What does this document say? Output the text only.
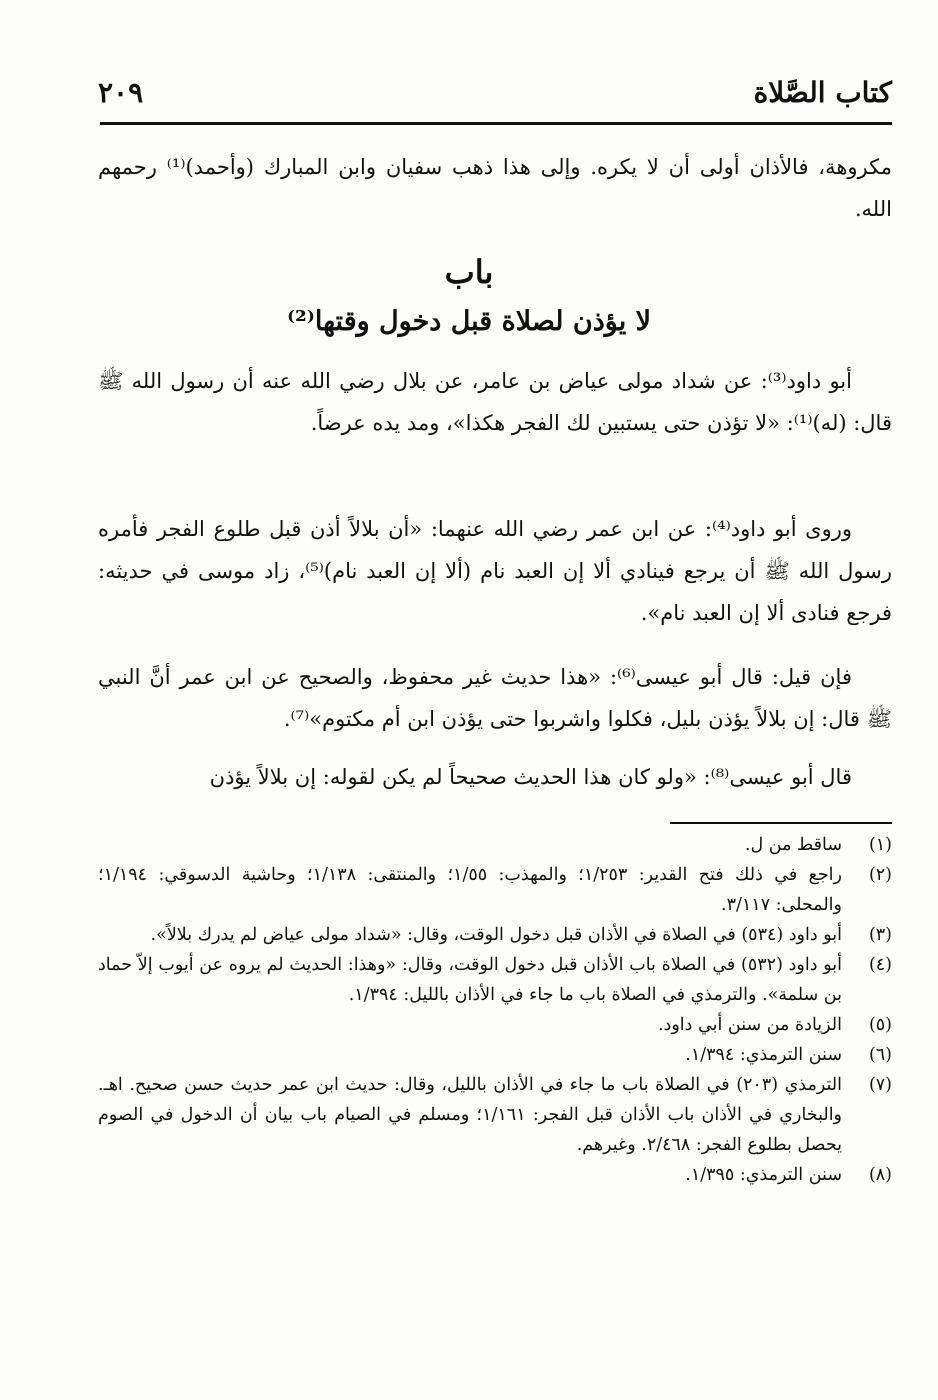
كتاب الصَّلاة
٢٠٩

مكروهة، فالأذان أولى أن لا يكره. وإلى هذا ذهب سفيان وابن المبارك (وأحمد)⁽¹⁾ رحمهم الله.

باب
لا يؤذن لصلاة قبل دخول وقتها⁽²⁾

أبو داود⁽³⁾: عن شداد مولى عياض بن عامر، عن بلال رضي الله عنه أن رسول الله ﷺ قال: (له)⁽¹⁾: «لا تؤذن حتى يستبين لك الفجر هكذا»، ومد يده عرضاً.

وروى أبو داود⁽⁴⁾: عن ابن عمر رضي الله عنهما: «أن بلالاً أذن قبل طلوع الفجر فأمره رسول الله ﷺ أن يرجع فينادي ألا إن العبد نام (ألا إن العبد نام)⁽⁵⁾، زاد موسى في حديثه: فرجع فنادى ألا إن العبد نام».

فإن قيل: قال أبو عيسى⁽⁶⁾: «هذا حديث غير محفوظ، والصحيح عن ابن عمر أنَّ النبي ﷺ قال: إن بلالاً يؤذن بليل، فكلوا واشربوا حتى يؤذن ابن أم مكتوم»⁽⁷⁾.

قال أبو عيسى⁽⁸⁾: «ولو كان هذا الحديث صحيحاً لم يكن لقوله: إن بلالاً يؤذن

(١)
ساقط من ل.
(٢)
راجع في ذلك فتح القدير: ١/٢٥٣؛ والمهذب: ١/٥٥؛ والمنتقى: ١/١٣٨؛ وحاشية الدسوقي: ١/١٩٤؛ والمحلى: ٣/١١٧.
(٣)
أبو داود (٥٣٤) في الصلاة في الأذان قبل دخول الوقت، وقال: «شداد مولى عياض لم يدرك بلالاً».
(٤)
أبو داود (٥٣٢) في الصلاة باب الأذان قبل دخول الوقت، وقال: «وهذا: الحديث لم يروه عن أيوب إلاّ حماد بن سلمة». والترمذي في الصلاة باب ما جاء في الأذان بالليل: ١/٣٩٤.
(٥)
الزيادة من سنن أبي داود.
(٦)
سنن الترمذي: ١/٣٩٤.
(٧)
الترمذي (٢٠٣) في الصلاة باب ما جاء في الأذان بالليل، وقال: حديث ابن عمر حديث حسن صحيح. اهـ. والبخاري في الأذان باب الأذان قبل الفجر: ١/١٦١؛ ومسلم في الصيام باب بيان أن الدخول في الصوم يحصل بطلوع الفجر: ٢/٤٦٨. وغيرهم.
(٨)
سنن الترمذي: ١/٣٩٥.
